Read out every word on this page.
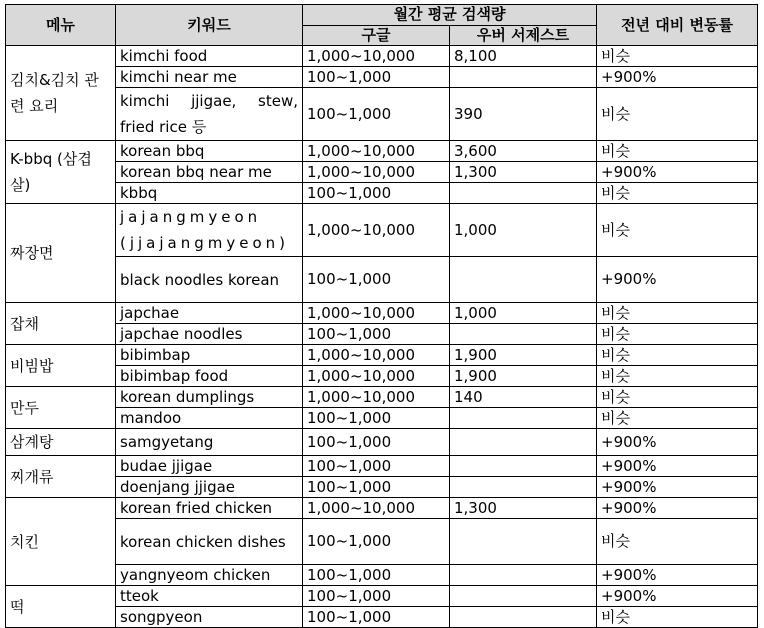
메뉴	키워드	월간 평균 검색량		전년 대비 변동률
		구글	우버 서제스트	
김치&김치 관련 요리	kimchi food	1,000~10,000	8,100	비슷
	kimchi near me	100~1,000		+900%
	kimchi jjigae, stew, fried rice 등	100~1,000	390	비슷
K-bbq (삼겹살)	korean bbq	1,000~10,000	3,600	비슷
	korean bbq near me	1,000~10,000	1,300	+900%
	kbbq	100~1,000		비슷
짜장면	jajangmyeon (jjajangmyeon)	1,000~10,000	1,000	비슷
	black noodles korean	100~1,000		+900%
잡채	japchae	1,000~10,000	1,000	비슷
	japchae noodles	100~1,000		비슷
비빔밥	bibimbap	1,000~10,000	1,900	비슷
	bibimbap food	1,000~10,000	1,900	비슷
만두	korean dumplings	1,000~10,000	140	비슷
	mandoo	100~1,000		비슷
삼계탕	samgyetang	100~1,000		+900%
찌개류	budae jjigae	100~1,000		+900%
	doenjang jjigae	100~1,000		+900%
치킨	korean fried chicken	1,000~10,000	1,300	+900%
	korean chicken dishes	100~1,000		비슷
	yangnyeom chicken	100~1,000		+900%
떡	tteok	100~1,000		+900%
	songpyeon	100~1,000		비슷
